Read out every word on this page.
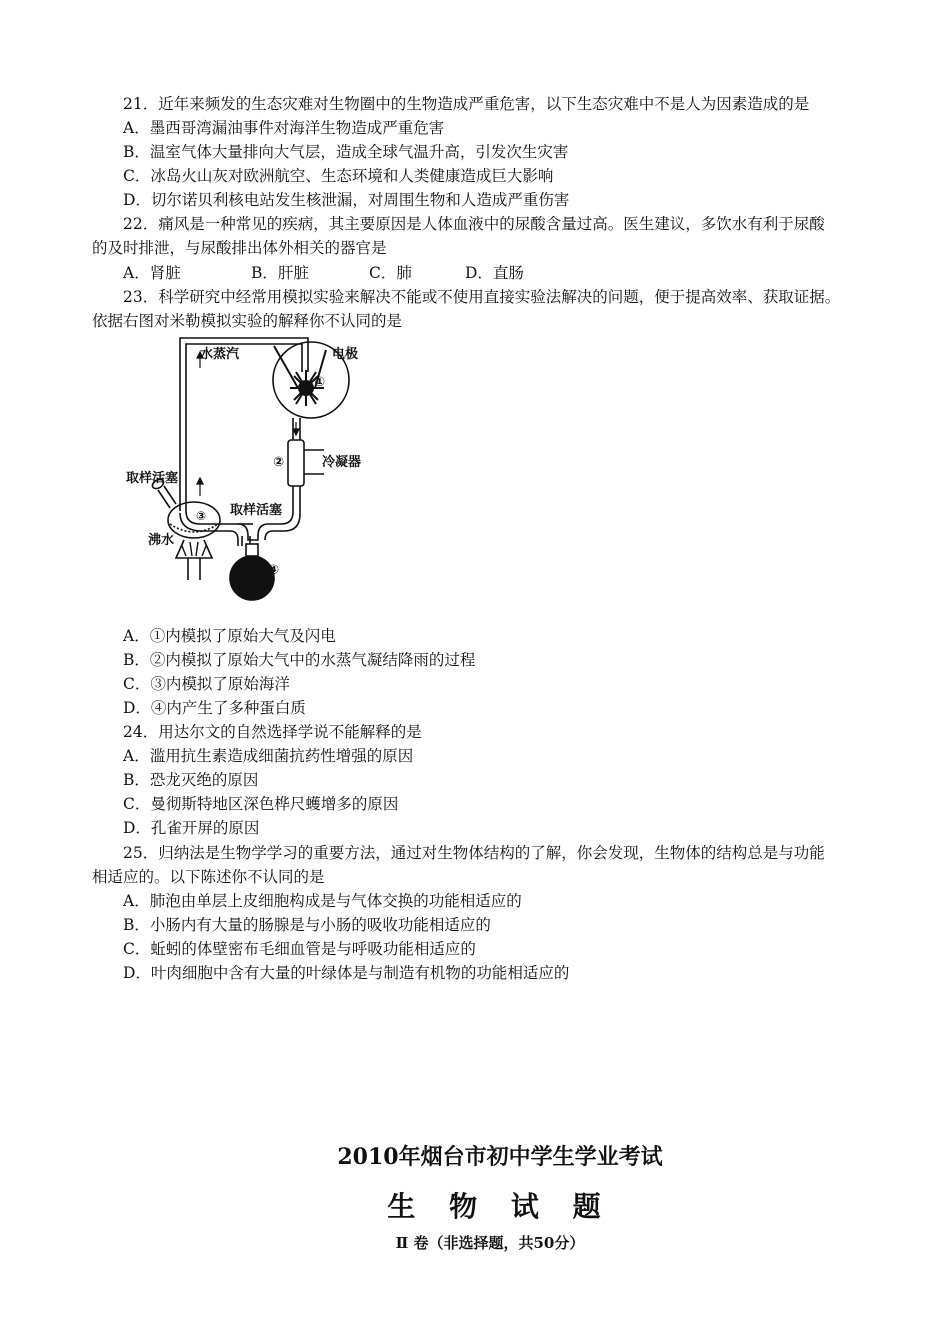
21．近年来频发的生态灾难对生物圈中的生物造成严重危害，以下生态灾难中不是人为因素造成的是
A．墨西哥湾漏油事件对海洋生物造成严重危害
B．温室气体大量排向大气层，造成全球气温升高，引发次生灾害
C．冰岛火山灰对欧洲航空、生态环境和人类健康造成巨大影响
D．切尔诺贝利核电站发生核泄漏，对周围生物和人造成严重伤害
22．痛风是一种常见的疾病，其主要原因是人体血液中的尿酸含量过高。医生建议，多饮水有利于尿酸
的及时排泄，与尿酸排出体外相关的器官是
A．肾脏	B．肝脏	C．肺	D．直肠
23．科学研究中经常用模拟实验来解决不能或不使用直接实验法解决的问题，便于提高效率、获取证据。
依据右图对米勒模拟实验的解释你不认同的是
水蒸汽	电极
①
②	冷凝器
取样活塞
取样活塞
③
沸水
④
A．①内模拟了原始大气及闪电
B．②内模拟了原始大气中的水蒸气凝结降雨的过程
C．③内模拟了原始海洋
D．④内产生了多种蛋白质
24．用达尔文的自然选择学说不能解释的是
A．滥用抗生素造成细菌抗药性增强的原因
B．恐龙灭绝的原因
C．曼彻斯特地区深色桦尺蠖增多的原因
D．孔雀开屏的原因
25．归纳法是生物学学习的重要方法，通过对生物体结构的了解，你会发现，生物体的结构总是与功能
相适应的。以下陈述你不认同的是
A．肺泡由单层上皮细胞构成是与气体交换的功能相适应的
B．小肠内有大量的肠腺是与小肠的吸收功能相适应的
C．蚯蚓的体壁密布毛细血管是与呼吸功能相适应的
D．叶肉细胞中含有大量的叶绿体是与制造有机物的功能相适应的
2010年烟台市初中学生学业考试
生 物 试 题
Ⅱ 卷（非选择题，共50分）
